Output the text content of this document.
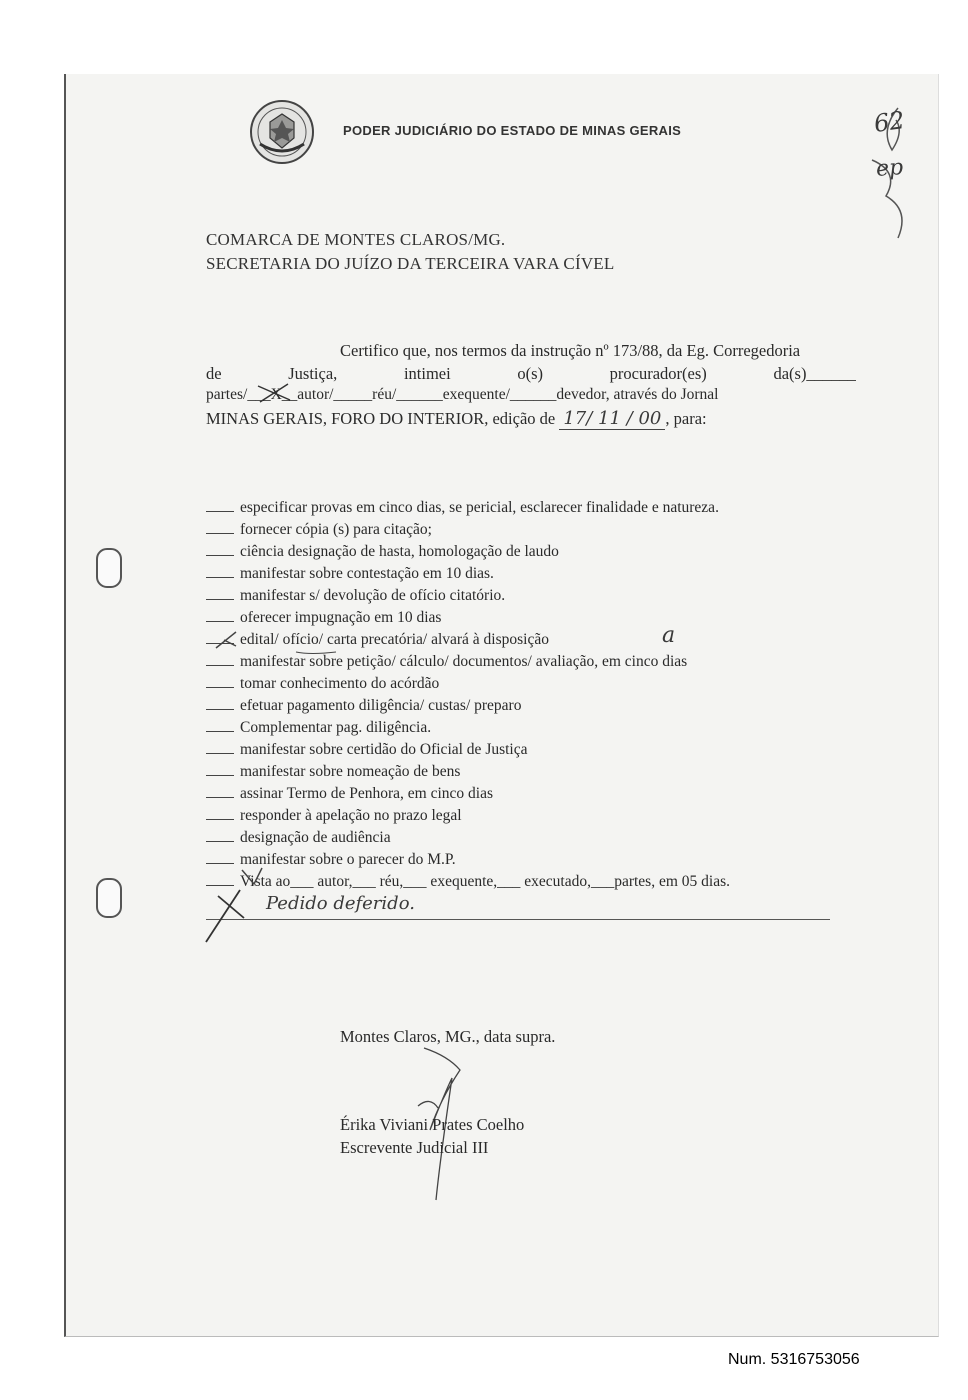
PODER JUDICIÁRIO DO ESTADO DE MINAS GERAIS
COMARCA DE MONTES CLAROS/MG.
SECRETARIA DO JUÍZO DA TERCEIRA VARA CÍVEL
Certifico que, nos termos da instrução nº 173/88, da Eg. Corregedoria
de	Justiça,	intimei	o(s)	procurador(es)	da(s)______
partes/___X__autor/_____réu/______exequente/______devedor, através do Jornal
MINAS GERAIS, FORO DO INTERIOR, edição de 17/ 11 / 00 , para:
especificar provas em cinco dias, se pericial, esclarecer finalidade e natureza.
fornecer cópia (s) para citação;
ciência designação de hasta, homologação de laudo
manifestar sobre contestação em 10 dias.
manifestar s/ devolução de ofício citatório.
oferecer impugnação em 10 dias
edital/ ofício/ carta precatória/ alvará à disposição	a
manifestar sobre petição/ cálculo/ documentos/ avaliação, em cinco dias
tomar conhecimento do acórdão
efetuar pagamento diligência/ custas/ preparo
Complementar pag. diligência.
manifestar sobre certidão do Oficial de Justiça
manifestar sobre nomeação de bens
assinar Termo de Penhora, em cinco dias
responder à apelação no prazo legal
designação de audiência
manifestar sobre o parecer do M.P.
Vista ao___ autor,___ réu,___ exequente,___ executado,___partes, em 05 dias.
Pedido deferido.
62
ep
Montes Claros, MG., data supra.
Érika Viviani Prates Coelho
Escrevente Judicial III
Num. 5316753056
